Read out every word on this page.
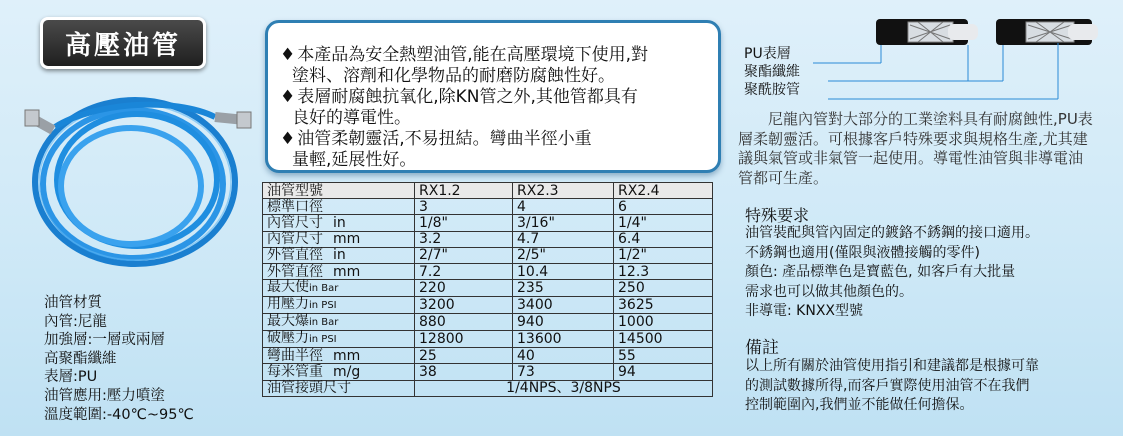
高壓油管
油管材質
內管:尼龍
加強層:一層或兩層
高聚酯纖維
表層:PU
油管應用:壓力噴塗
溫度範圍:-40℃~95℃
♦ 本產品為安全熱塑油管,能在高壓環境下使用,對
塗料、溶劑和化學物品的耐磨防腐蝕性好。
♦ 表層耐腐蝕抗氧化,除KN管之外,其他管都具有
良好的導電性。
♦ 油管柔韌靈活,不易扭結。彎曲半徑小重
量輕,延展性好。
油管型號	RX1.2	RX2.3	RX2.4
標準口徑	3	4	6
內管尺寸 in	1/8"	3/16"	1/4"
內管尺寸 mm	3.2	4.7	6.4
外管直徑 in	2/7"	2/5"	1/2"
外管直徑 mm	7.2	10.4	12.3
最大使in Bar	220	235	250
用壓力in PSI	3200	3400	3625
最大爆in Bar	880	940	1000
破壓力in PSI	12800	13600	14500
彎曲半徑 mm	25	40	55
每米管重 m/g	38	73	94
油管接頭尺寸	1/4NPS、3/8NPS		
PU表層
聚酯纖維
聚酰胺管
尼龍內管對大部分的工業塗料具有耐腐蝕性,PU表層柔韌靈活。可根據客戶特殊要求與規格生產,尤其建議與氣管或非氣管一起使用。導電性油管與非導電油管都可生產。
特殊要求
油管裝配與管內固定的鍍鉻不銹鋼的接口適用。
不銹鋼也適用(僅限與液體接觸的零件)
顏色: 產品標準色是寶藍色, 如客戶有大批量
需求也可以做其他顏色的。
非導電: KNXX型號
備註
以上所有關於油管使用指引和建議都是根據可靠
的測試數據所得,而客戶實際使用油管不在我們
控制範圍內,我們並不能做任何擔保。
